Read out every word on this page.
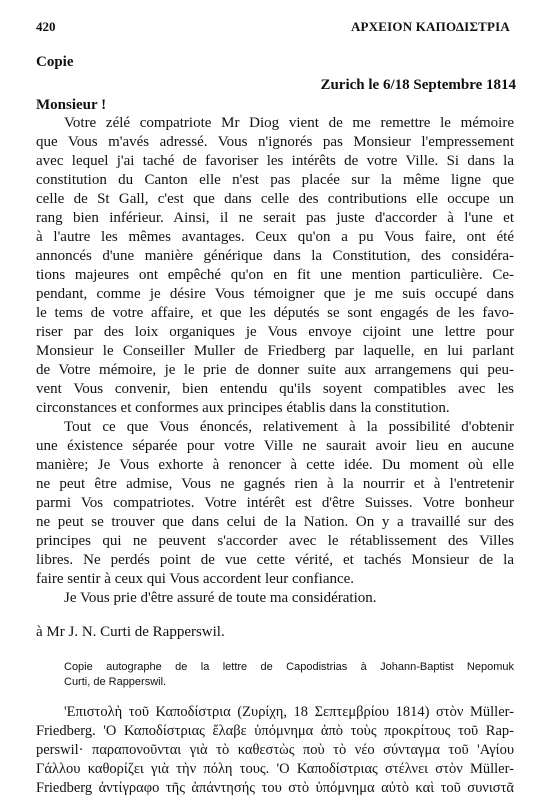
420	ΑΡΧΕΙΟΝ ΚΑΠΟΔΙΣΤΡΙΑ
Copie
Zurich le 6/18 Septembre 1814
Monsieur !
Votre zélé compatriote Mr Diog vient de me remettre le mémoire
que Vous m'avés adressé. Vous n'ignorés pas Monsieur l'empressement
avec lequel j'ai taché de favoriser les intérêts de votre Ville. Si dans la
constitution du Canton elle n'est pas placée sur la même ligne que
celle de St Gall, c'est que dans celle des contributions elle occupe un
rang bien inférieur. Ainsi, il ne serait pas juste d'accorder à l'une et
à l'autre les mêmes avantages. Ceux qu'on a pu Vous faire, ont été
annoncés d'une manière générique dans la Constitution, des considéra-
tions majeures ont empêché qu'on en fit une mention particulière. Ce-
pendant, comme je désire Vous témoigner que je me suis occupé dans
le tems de votre affaire, et que les députés se sont engagés de les favo-
riser par des loix organiques je Vous envoye cijoint une lettre pour
Monsieur le Conseiller Muller de Friedberg par laquelle, en lui parlant
de Votre mémoire, je le prie de donner suite aux arrangemens qui peu-
vent Vous convenir, bien entendu qu'ils soyent compatibles avec les
circonstances et conformes aux principes établis dans la constitution.
Tout ce que Vous énoncés, relativement à la possibilité d'obtenir
une éxistence séparée pour votre Ville ne saurait avoir lieu en aucune
manière; Je Vous exhorte à renoncer à cette idée. Du moment où elle
ne peut être admise, Vous ne gagnés rien à la nourrir et à l'entretenir
parmi Vos compatriotes. Votre intérêt est d'être Suisses. Votre bonheur
ne peut se trouver que dans celui de la Nation. On y a travaillé sur des
principes qui ne peuvent s'accorder avec le rétablissement des Villes
libres. Ne perdés point de vue cette vérité, et tachés Monsieur de la
faire sentir à ceux qui Vous accordent leur confiance.
Je Vous prie d'être assuré de toute ma considération.
à Mr J. N. Curti de Rapperswil.
Copie autographe de la lettre de Capodistrias à Johann-Baptist Nepomuk
Curti, de Rapperswil.
'Επιστολὴ τοῦ Καποδίστρια (Ζυρίχη, 18 Σεπτεμβρίου 1814) στὸν Müller-
Friedberg. 'Ο Καποδίστριας ἔλαβε ὑπόμνημα ἀπὸ τοὺς προκρίτους τοῦ Rap-
perswil· παραπονοῦνται γιὰ τὸ καθεστὼς ποὺ τὸ νέο σύνταγμα τοῦ 'Αγίου
Γάλλου καθορίζει γιὰ τὴν πόλη τους. 'Ο Καποδίστριας στέλνει στὸν Müller-
Friedberg ἀντίγραφο τῆς ἀπάντησής του στὸ ὑπόμνημα αὐτὸ καὶ τοῦ συνιστᾶ
